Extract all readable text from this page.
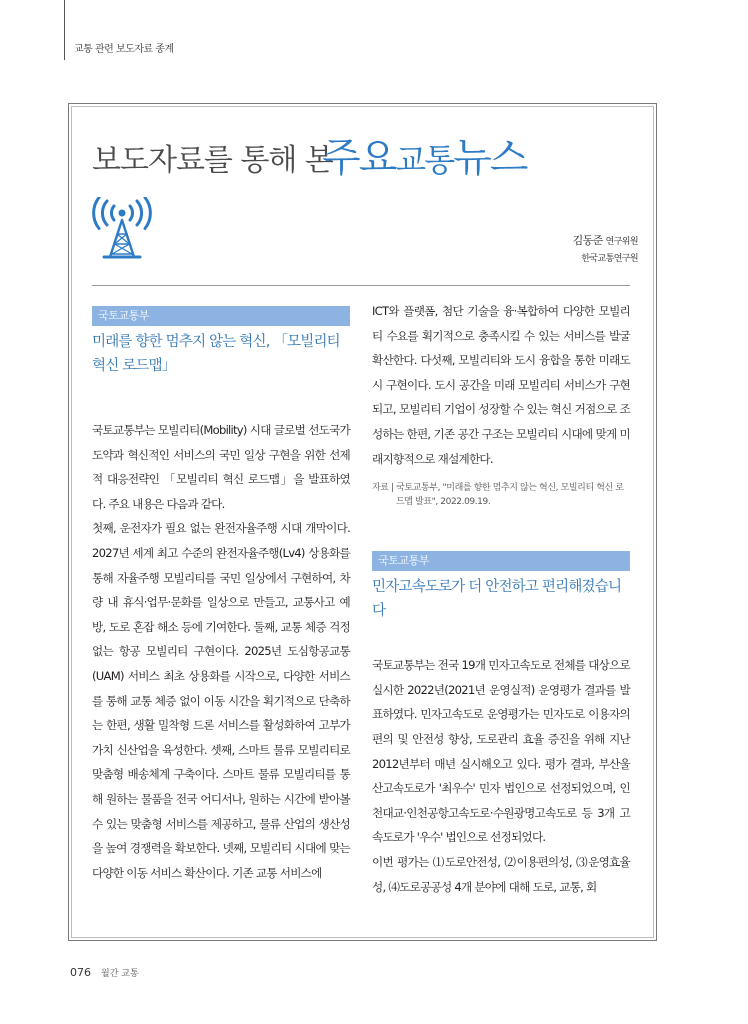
교통 관련 보도자료 종계
보도자료를 통해 본
주요교통뉴스
김동준 연구위원
한국교통연구원
국토교통부
미래를 향한 멈추지 않는 혁신, 「모빌리티 혁신 로드맵」

국토교통부는 모빌리티(Mobility) 시대 글로벌 선도국가 도약과 혁신적인 서비스의 국민 일상 구현을 위한 선제적 대응전략인 「모빌리티 혁신 로드맵」을 발표하였다. 주요 내용은 다음과 같다.

첫째, 운전자가 필요 없는 완전자율주행 시대 개막이다. 2027년 세계 최고 수준의 완전자율주행(Lv4) 상용화를 통해 자율주행 모빌리티를 국민 일상에서 구현하여, 차량 내 휴식·업무·문화를 일상으로 만들고, 교통사고 예방, 도로 혼잡 해소 등에 기여한다. 둘째, 교통 체증 걱정 없는 항공 모빌리티 구현이다. 2025년 도심항공교통(UAM) 서비스 최초 상용화를 시작으로, 다양한 서비스를 통해 교통 체증 없이 이동 시간을 획기적으로 단축하는 한편, 생활 밀착형 드론 서비스를 활성화하여 고부가가치 신산업을 육성한다. 셋째, 스마트 물류 모빌리티로 맞춤형 배송체계 구축이다. 스마트 물류 모빌리티를 통해 원하는 물품을 전국 어디서나, 원하는 시간에 받아볼 수 있는 맞춤형 서비스를 제공하고, 물류 산업의 생산성을 높여 경쟁력을 확보한다. 넷째, 모빌리티 시대에 맞는 다양한 이동 서비스 확산이다. 기존 교통 서비스에

ICT와 플랫폼, 첨단 기술을 융·복합하여 다양한 모빌리티 수요를 획기적으로 충족시킬 수 있는 서비스를 발굴 확산한다. 다섯째, 모빌리티와 도시 융합을 통한 미래도시 구현이다. 도시 공간을 미래 모빌리티 서비스가 구현되고, 모빌리티 기업이 성장할 수 있는 혁신 거점으로 조성하는 한편, 기존 공간 구조는 모빌리티 시대에 맞게 미래지향적으로 재설계한다.

자료 | 국토교통부, "미래를 향한 멈추지 않는 혁신, 모빌리티 혁신 로드맵 발표", 2022.09.19.
국토교통부
민자고속도로가 더 안전하고 편리해졌습니다

국토교통부는 전국 19개 민자고속도로 전체를 대상으로 실시한 2022년(2021년 운영실적) 운영평가 결과를 발표하였다. 민자고속도로 운영평가는 민자도로 이용자의 편의 및 안전성 향상, 도로관리 효율 증진을 위해 지난 2012년부터 매년 실시해오고 있다. 평가 결과, 부산울산고속도로가 '최우수' 민자 법인으로 선정되었으며, 인천대교·인천공항고속도로·수원광명고속도로 등 3개 고속도로가 '우수' 법인으로 선정되었다.

이번 평가는 ⑴도로안전성, ⑵이용편의성, ⑶운영효율성, ⑷도로공공성 4개 분야에 대해 도로, 교통, 회

076 월간 교통
